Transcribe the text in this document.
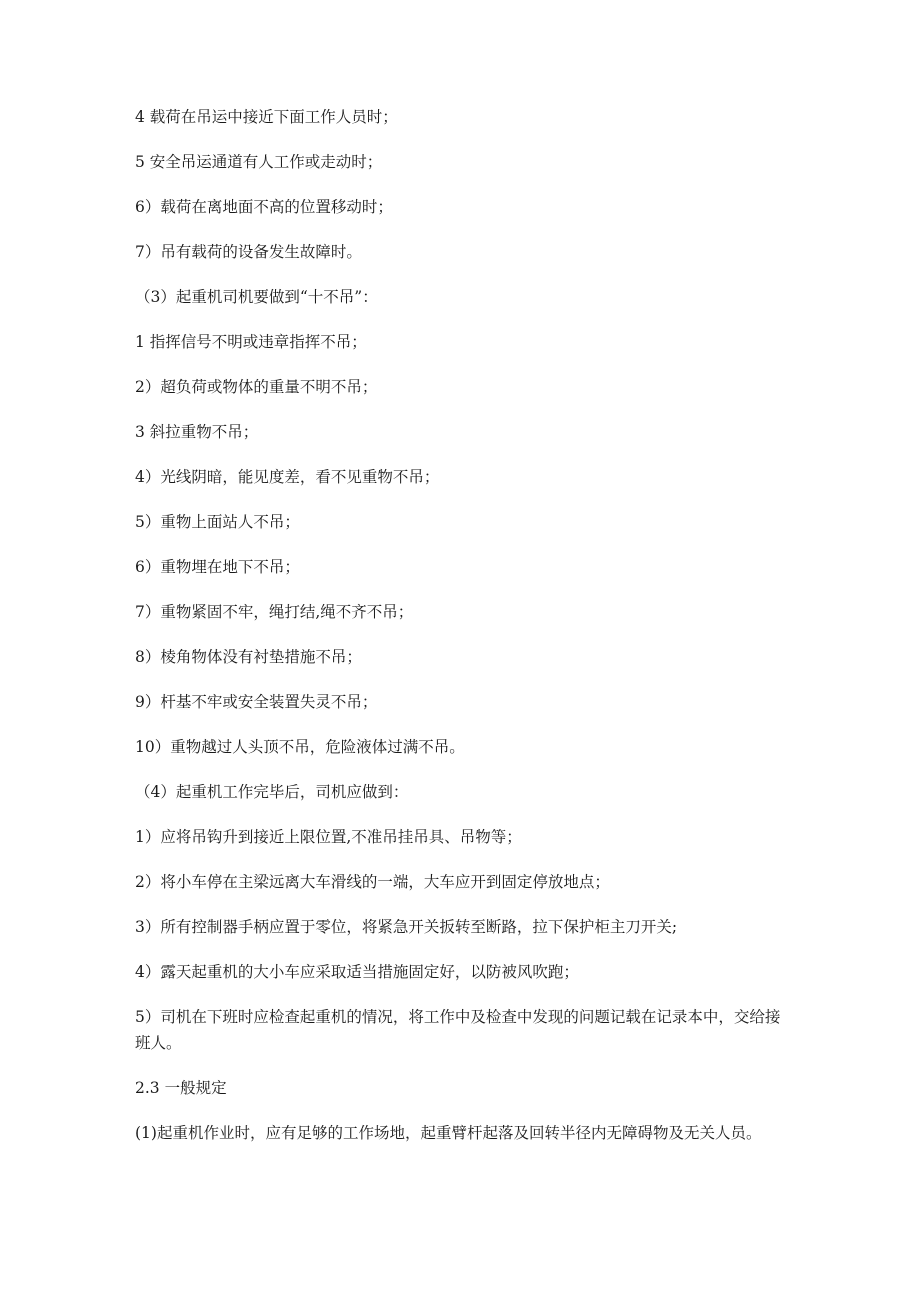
4 载荷在吊运中接近下面工作人员时；

5 安全吊运通道有人工作或走动时；

6）载荷在离地面不高的位置移动时；

7）吊有载荷的设备发生故障时。

（3）起重机司机要做到“十不吊”：

1 指挥信号不明或违章指挥不吊；

2）超负荷或物体的重量不明不吊；

3 斜拉重物不吊；

4）光线阴暗，能见度差，看不见重物不吊；

5）重物上面站人不吊；

6）重物埋在地下不吊；

7）重物紧固不牢，绳打结,绳不齐不吊；

8）棱角物体没有衬垫措施不吊；

9）杆基不牢或安全装置失灵不吊；

10）重物越过人头顶不吊，危险液体过满不吊。

（4）起重机工作完毕后，司机应做到：

1）应将吊钩升到接近上限位置,不准吊挂吊具、吊物等；

2）将小车停在主梁远离大车滑线的一端，大车应开到固定停放地点；

3）所有控制器手柄应置于零位，将紧急开关扳转至断路，拉下保护柜主刀开关;

4）露天起重机的大小车应采取适当措施固定好，以防被风吹跑；

5）司机在下班时应检查起重机的情况，将工作中及检查中发现的问题记载在记录本中，交给接班人。

2.3 一般规定

(1)起重机作业时，应有足够的工作场地，起重臂杆起落及回转半径内无障碍物及无关人员。
